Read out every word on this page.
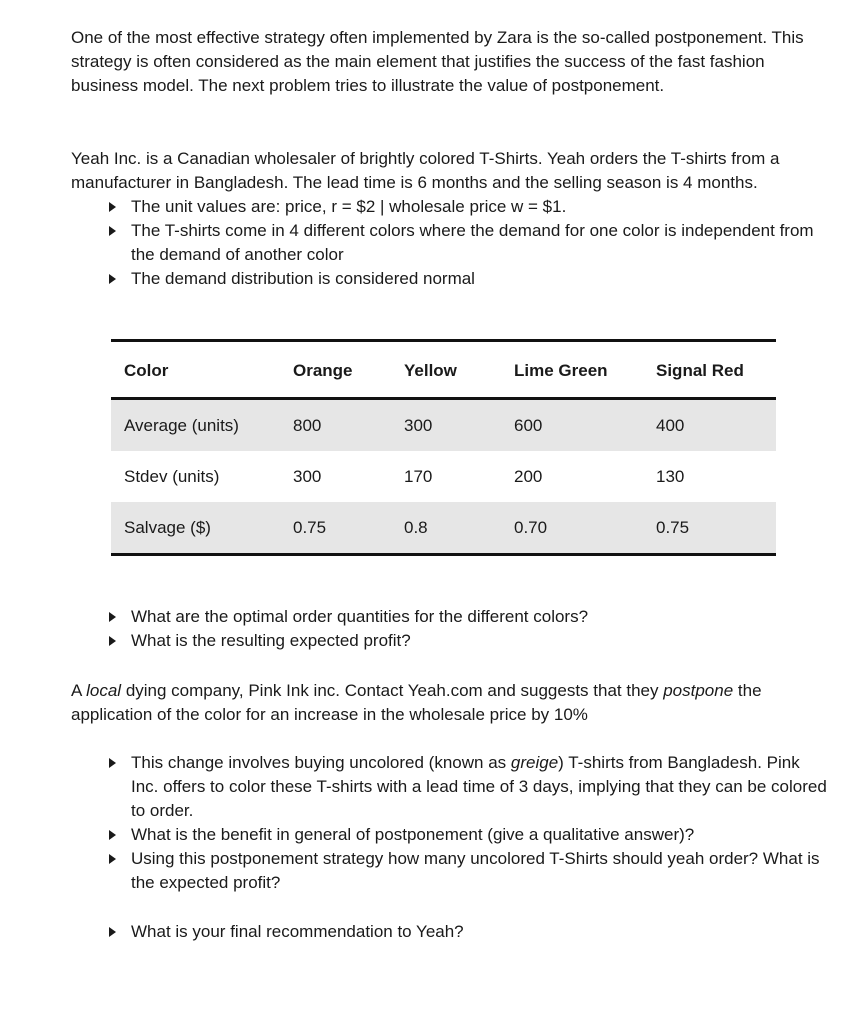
One of the most effective strategy often implemented by Zara is the so-called postponement. This strategy is often considered as the main element that justifies the success of the fast fashion business model. The next problem tries to illustrate the value of postponement.

Yeah Inc. is a Canadian wholesaler of brightly colored T-Shirts. Yeah orders the T-shirts from a manufacturer in Bangladesh. The lead time is 6 months and the selling season is 4 months.

The unit values are: price, r = $2 | wholesale price w = $1.
The T-shirts come in 4 different colors where the demand for one color is independent from the demand of another color
The demand distribution is considered normal
Color	Orange	Yellow	Lime Green	Signal Red
Average (units)	800	300	600	400
Stdev (units)	300	170	200	130
Salvage ($)	0.75	0.8	0.70	0.75
What are the optimal order quantities for the different colors?
What is the resulting expected profit?

A local dying company, Pink Ink inc. Contact Yeah.com and suggests that they postpone the application of the color for an increase in the wholesale price by 10%

This change involves buying uncolored (known as greige) T-shirts from Bangladesh. Pink Inc. offers to color these T-shirts with a lead time of 3 days, implying that they can be colored to order.
What is the benefit in general of postponement (give a qualitative answer)?
Using this postponement strategy how many uncolored T-Shirts should yeah order? What is the expected profit?
What is your final recommendation to Yeah?
